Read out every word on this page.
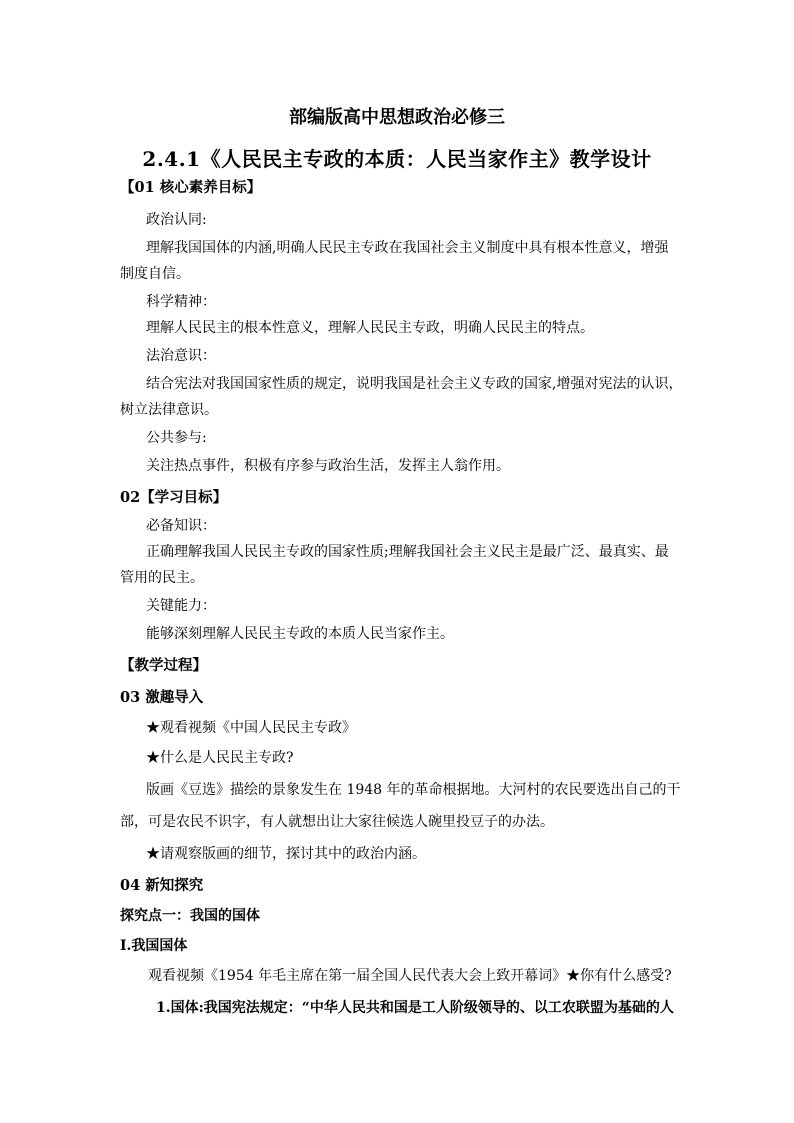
部编版高中思想政治必修三
2.4.1《人民民主专政的本质：人民当家作主》教学设计
【01 核心素养目标】
政治认同:
理解我国国体的内涵,明确人民民主专政在我国社会主义制度中具有根本性意义，增强
制度自信。
科学精神：
理解人民民主的根本性意义，理解人民民主专政，明确人民民主的特点。
法治意识：
结合宪法对我国国家性质的规定，说明我国是社会主义专政的国家,增强对宪法的认识，
树立法律意识。
公共参与:
关注热点事件，积极有序参与政治生活，发挥主人翁作用。
02【学习目标】
必备知识：
正确理解我国人民民主专政的国家性质;理解我国社会主义民主是最广泛、最真实、最
管用的民主。
关键能力：
能够深刻理解人民民主专政的本质人民当家作主。
【教学过程】
03 激趣导入
★观看视频《中国人民民主专政》
★什么是人民民主专政?
版画《豆选》描绘的景象发生在 1948 年的革命根据地。大河村的农民要选出自己的干
部，可是农民不识字，有人就想出让大家往候选人碗里投豆子的办法。
★请观察版画的细节，探讨其中的政治内涵。
04 新知探究
探究点一：我国的国体
Ⅰ.我国国体
观看视频《1954 年毛主席在第一届全国人民代表大会上致开幕词》★你有什么感受?
1.国体:我国宪法规定：“中华人民共和国是工人阶级领导的、以工农联盟为基础的人
